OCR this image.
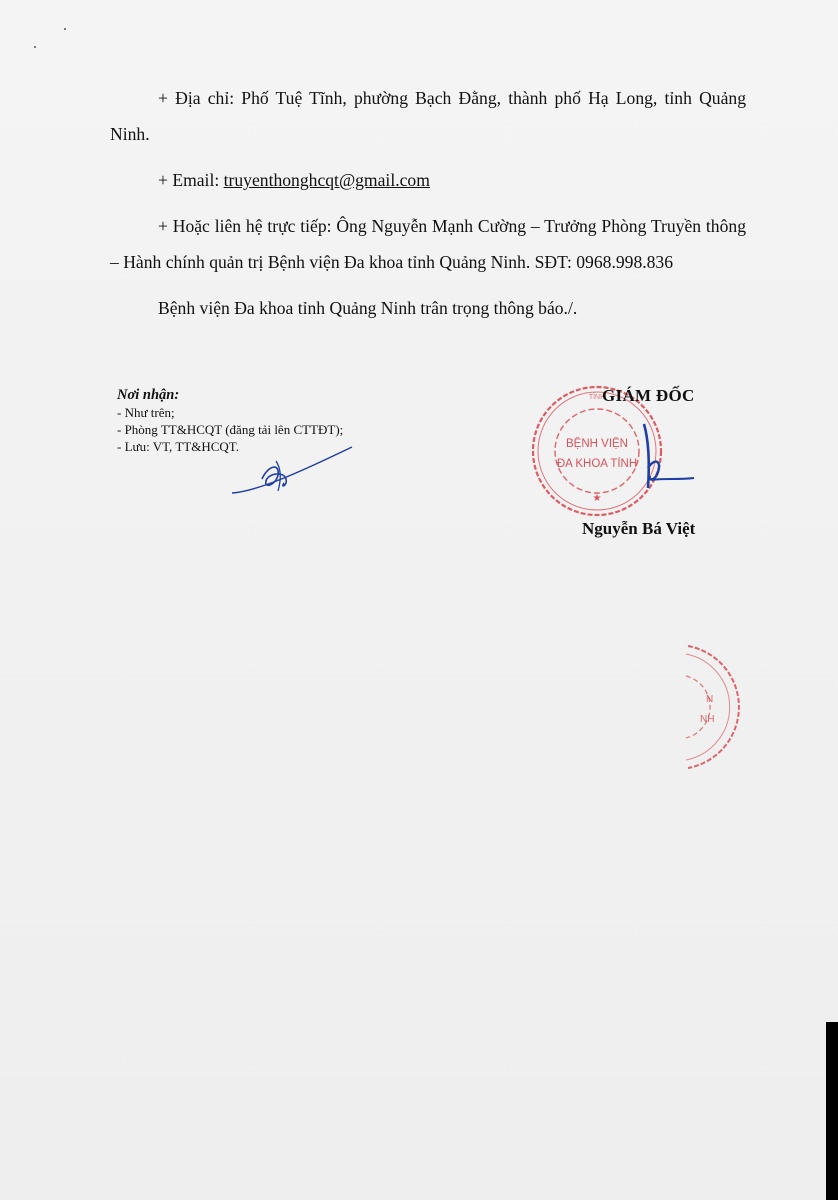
+ Địa chỉ: Phố Tuệ Tĩnh, phường Bạch Đằng, thành phố Hạ Long, tỉnh Quảng Ninh.

+ Email: truyenthonghcqt@gmail.com

+ Hoặc liên hệ trực tiếp: Ông Nguyễn Mạnh Cường – Trưởng Phòng Truyền thông – Hành chính quản trị Bệnh viện Đa khoa tỉnh Quảng Ninh. SĐT: 0968.998.836

Bệnh viện Đa khoa tỉnh Quảng Ninh trân trọng thông báo./.

Nơi nhận:
- Như trên;
- Phòng TT&HCQT (đăng tải lên CTTĐT);
- Lưu: VT, TT&HCQT.
GIÁM ĐỐC
BỆNH VIỆN
ĐA KHOA TỈNH
★
TỈNH
Nguyễn Bá Việt
N
NH
